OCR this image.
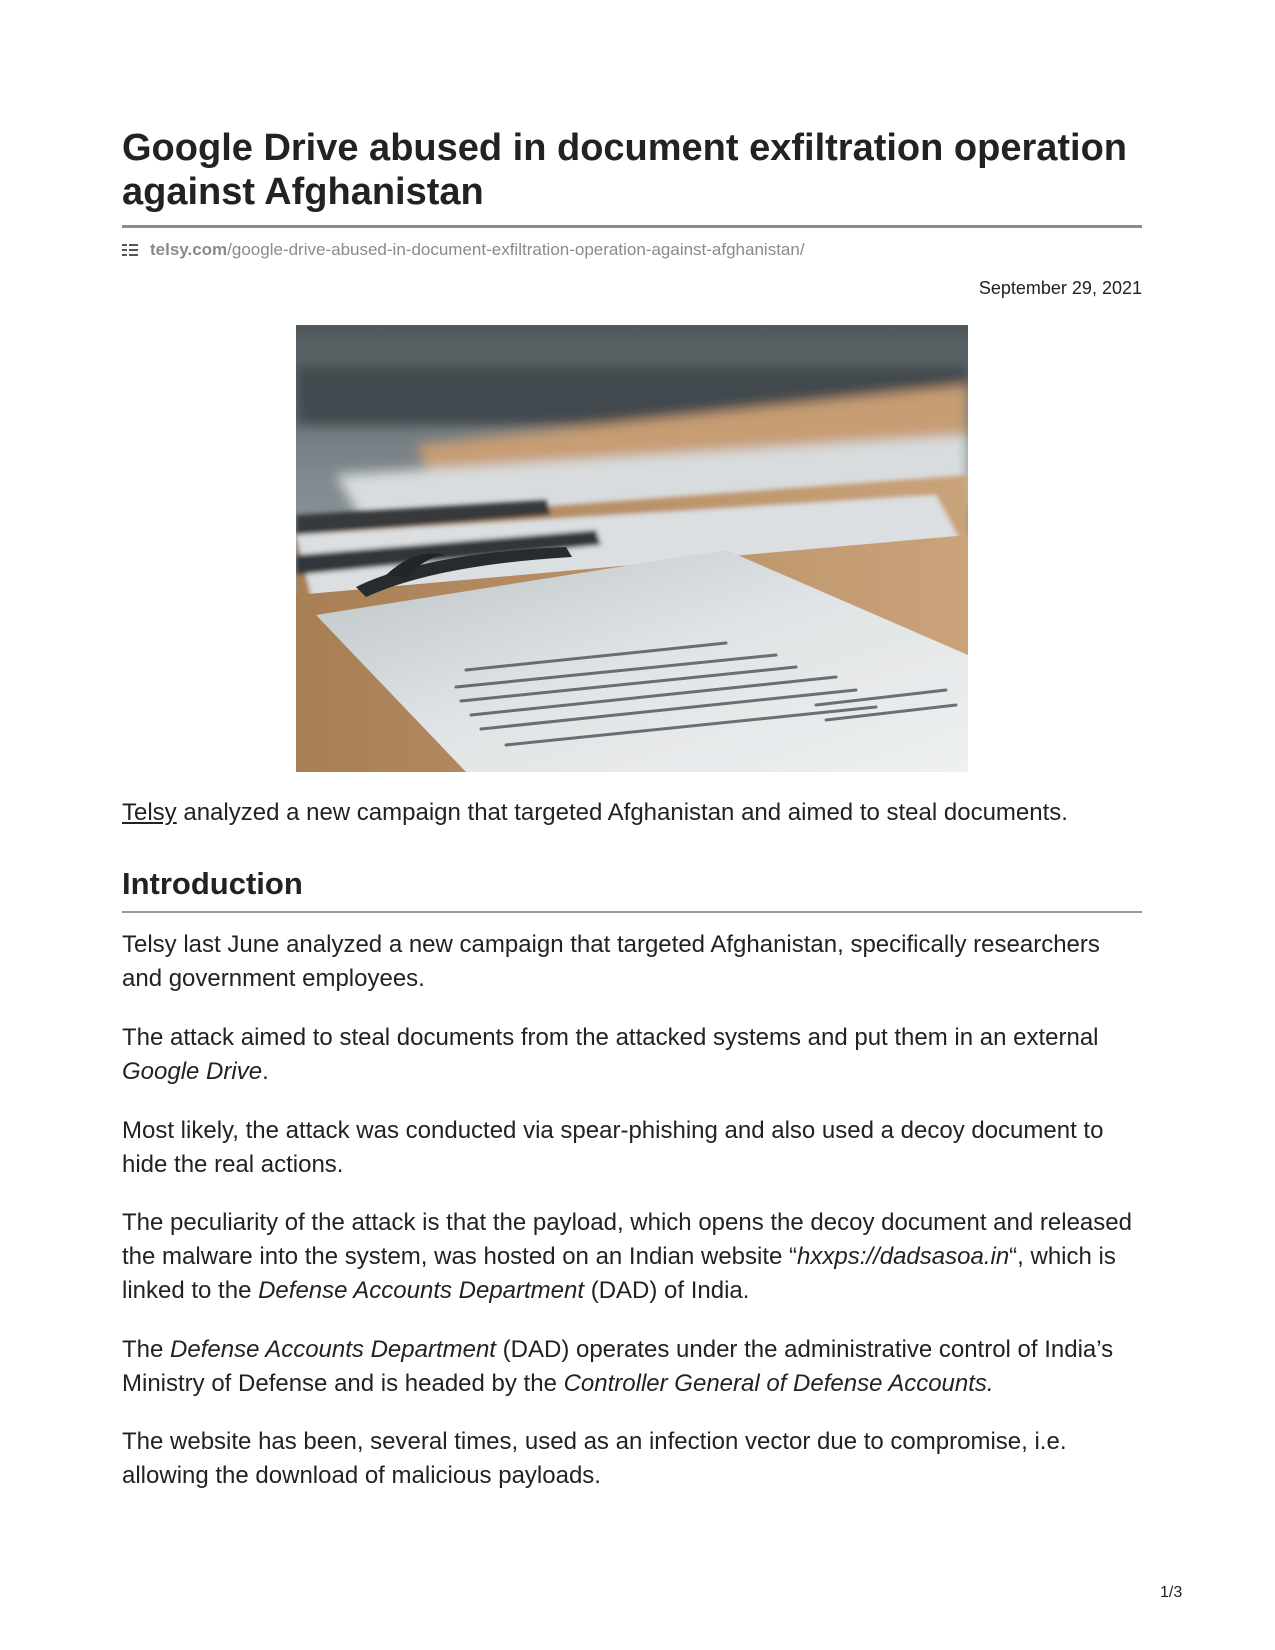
Google Drive abused in document exfiltration operation against Afghanistan
telsy.com /google-drive-abused-in-document-exfiltration-operation-against-afghanistan/
September 29, 2021

Telsy analyzed a new campaign that targeted Afghanistan and aimed to steal documents.

Introduction

Telsy last June analyzed a new campaign that targeted Afghanistan, specifically researchers and government employees.

The attack aimed to steal documents from the attacked systems and put them in an external Google Drive.

Most likely, the attack was conducted via spear-phishing and also used a decoy document to hide the real actions.

The peculiarity of the attack is that the payload, which opens the decoy document and released the malware into the system, was hosted on an Indian website “hxxps://dadsasoa.in“, which is linked to the Defense Accounts Department (DAD) of India.

The Defense Accounts Department (DAD) operates under the administrative control of India’s Ministry of Defense and is headed by the Controller General of Defense Accounts.

The website has been, several times, used as an infection vector due to compromise, i.e. allowing the download of malicious payloads.

1/3
